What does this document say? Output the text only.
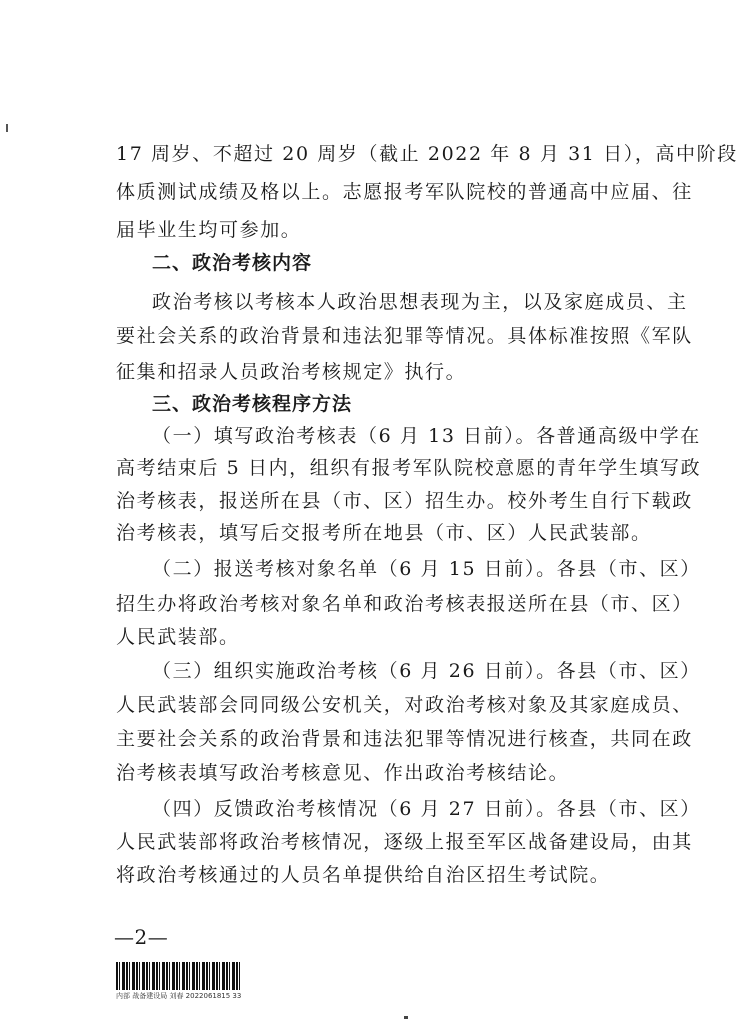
17 周岁、不超过 20 周岁（截止 2022 年 8 月 31 日），高中阶段
体质测试成绩及格以上。志愿报考军队院校的普通高中应届、往
届毕业生均可参加。
二、政治考核内容
政治考核以考核本人政治思想表现为主，以及家庭成员、主
要社会关系的政治背景和违法犯罪等情况。具体标准按照《军队
征集和招录人员政治考核规定》执行。
三、政治考核程序方法
（一）填写政治考核表（6 月 13 日前）。各普通高级中学在
高考结束后 5 日内，组织有报考军队院校意愿的青年学生填写政
治考核表，报送所在县（市、区）招生办。校外考生自行下载政
治考核表，填写后交报考所在地县（市、区）人民武装部。
（二）报送考核对象名单（6 月 15 日前）。各县（市、区）
招生办将政治考核对象名单和政治考核表报送所在县（市、区）
人民武装部。
（三）组织实施政治考核（6 月 26 日前）。各县（市、区）
人民武装部会同同级公安机关，对政治考核对象及其家庭成员、
主要社会关系的政治背景和违法犯罪等情况进行核查，共同在政
治考核表填写政治考核意见、作出政治考核结论。
（四）反馈政治考核情况（6 月 27 日前）。各县（市、区）
人民武装部将政治考核情况，逐级上报至军区战备建设局，由其
将政治考核通过的人员名单提供给自治区招生考试院。
—2—
内部 战备建设局 刘春 2022061815 33
